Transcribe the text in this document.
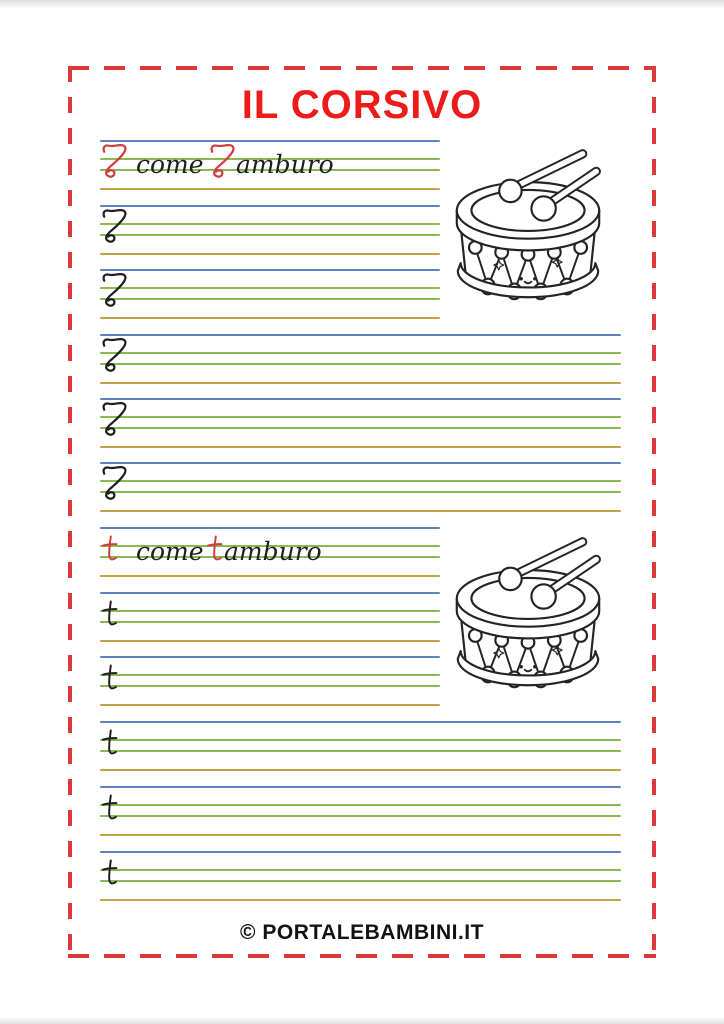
IL CORSIVO
come amburo
come amburo

© PORTALEBAMBINI.IT
